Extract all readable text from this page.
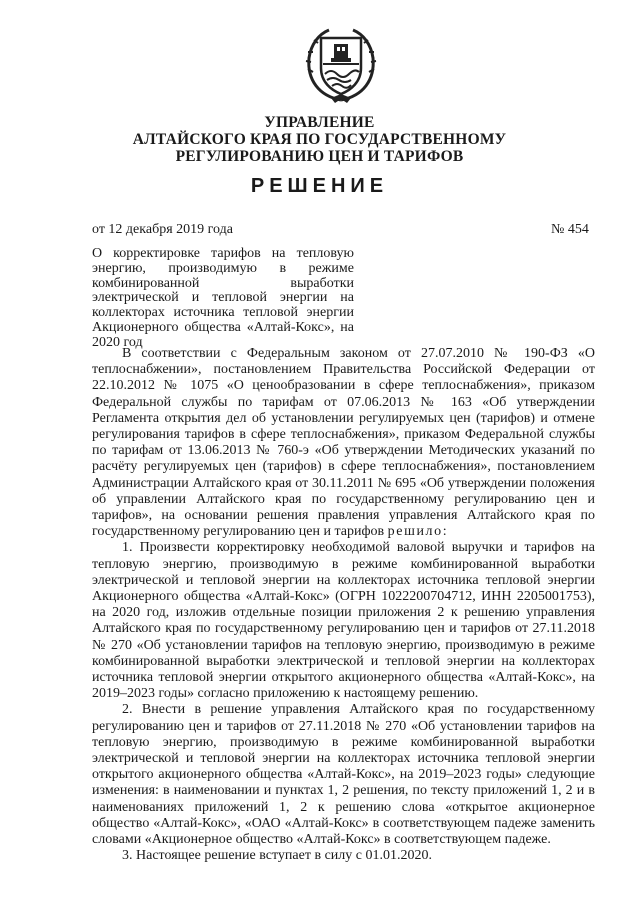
УПРАВЛЕНИЕ
АЛТАЙСКОГО КРАЯ ПО ГОСУДАРСТВЕННОМУ
РЕГУЛИРОВАНИЮ ЦЕН И ТАРИФОВ
РЕШЕНИЕ
от 12 декабря 2019 года	№ 454
О корректировке тарифов на тепловую энергию, производимую в режиме комбинированной выработки электрической и тепловой энергии на коллекторах источника тепловой энергии Акционерного общества «Алтай-Кокс», на 2020 год

В соответствии с Федеральным законом от 27.07.2010 № 190-ФЗ «О теплоснабжении», постановлением Правительства Российской Федерации от 22.10.2012 № 1075 «О ценообразовании в сфере теплоснабжения», приказом Федеральной службы по тарифам от 07.06.2013 № 163 «Об утверждении Регламента открытия дел об установлении регулируемых цен (тарифов) и отмене регулирования тарифов в сфере теплоснабжения», приказом Федеральной службы по тарифам от 13.06.2013 № 760-э «Об утверждении Методических указаний по расчёту регулируемых цен (тарифов) в сфере теплоснабжения», постановлением Администрации Алтайского края от 30.11.2011 № 695 «Об утверждении положения об управлении Алтайского края по государственному регулированию цен и тарифов», на основании решения правления управления Алтайского края по государственному регулированию цен и тарифов решило:

1. Произвести корректировку необходимой валовой выручки и тарифов на тепловую энергию, производимую в режиме комбинированной выработки электрической и тепловой энергии на коллекторах источника тепловой энергии Акционерного общества «Алтай-Кокс» (ОГРН 1022200704712, ИНН 2205001753), на 2020 год, изложив отдельные позиции приложения 2 к решению управления Алтайского края по государственному регулированию цен и тарифов от 27.11.2018 № 270 «Об установлении тарифов на тепловую энергию, производимую в режиме комбинированной выработки электрической и тепловой энергии на коллекторах источника тепловой энергии открытого акционерного общества «Алтай-Кокс», на 2019–2023 годы» согласно приложению к настоящему решению.

2. Внести в решение управления Алтайского края по государственному регулированию цен и тарифов от 27.11.2018 № 270 «Об установлении тарифов на тепловую энергию, производимую в режиме комбинированной выработки электрической и тепловой энергии на коллекторах источника тепловой энергии открытого акционерного общества «Алтай-Кокс», на 2019–2023 годы» следующие изменения: в наименовании и пунктах 1, 2 решения, по тексту приложений 1, 2 и в наименованиях приложений 1, 2 к решению слова «открытое акционерное общество «Алтай-Кокс», «ОАО «Алтай-Кокс» в соответствующем падеже заменить словами «Акционерное общество «Алтай-Кокс» в соответствующем падеже.

3. Настоящее решение вступает в силу с 01.01.2020.
